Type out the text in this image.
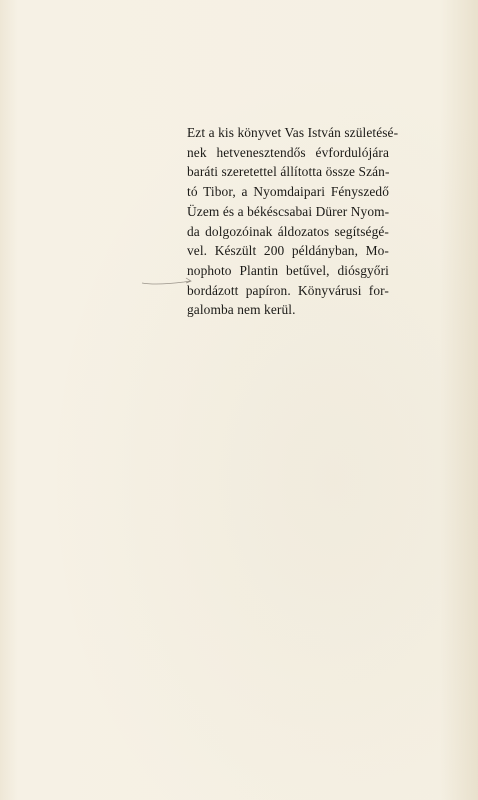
Ezt a kis könyvet Vas István születésé-
nek hetvenesztendős évfordulójára
baráti szeretettel állította össze Szán-
tó Tibor, a Nyomdaipari Fényszedő
Üzem és a békéscsabai Dürer Nyom-
da dolgozóinak áldozatos segítségé-
vel. Készült 200 példányban, Mo-
nophoto Plantin betűvel, diósgyőri
bordázott papíron. Könyvárusi for-
galomba nem kerül.
